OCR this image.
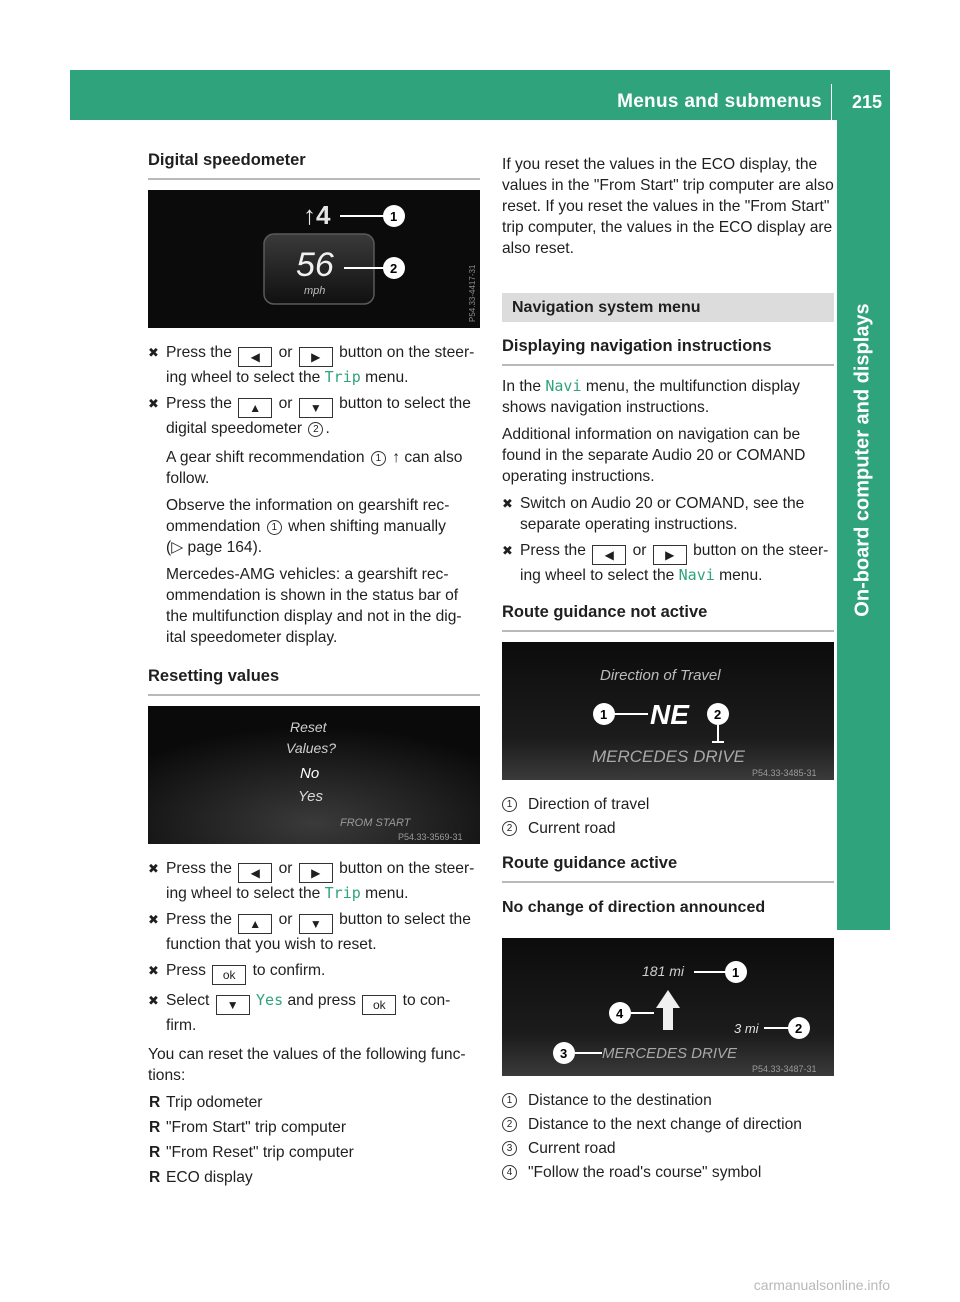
Menus and submenus 215
On-board computer and displays
Digital speedometer
↑4
56
mph
1
2	P54.33-4417-31
✖ Press the ◀ or ▶ button on the steer-ing wheel to select the Trip menu.
✖ Press the ▲ or ▼ button to select the digital speedometer 2 .

A gear shift recommendation 1 ↑ can also follow.

Observe the information on gearshift rec-ommendation 1 when shifting manually

(▷ page 164).

Mercedes-AMG vehicles: a gearshift rec-ommendation is shown in the status bar of the multifunction display and not in the dig-ital speedometer display.

Resetting values
Reset
Values?
No
Yes
FROM START
P54.33-3569-31
✖ Press the ◀ or ▶ button on the steer-ing wheel to select the Trip menu.
✖ Press the ▲ or ▼ button to select the function that you wish to reset.
✖ Press ok to confirm.
✖ Select ▼ Yes and press ok to con-firm.

You can reset the values of the following func-tions:

R Trip odometer
R "From Start" trip computer
R "From Reset" trip computer
R ECO display

If you reset the values in the ECO display, the values in the "From Start" trip computer are also reset. If you reset the values in the "From Start" trip computer, the values in the ECO display are also reset.

Navigation system menu
Displaying navigation instructions

In the Navi menu, the multifunction display shows navigation instructions.

Additional information on navigation can be found in the separate Audio 20 or COMAND operating instructions.

✖ Switch on Audio 20 or COMAND, see the separate operating instructions.
✖ Press the ◀ or ▶ button on the steer-ing wheel to select the Navi menu.
Route guidance not active
Direction of Travel
1 NE 2
MERCEDES DRIVE
P54.33-3485-31
1	Direction of travel
2	Current road
Route guidance active
No change of direction announced
181 mi	1
4
3 mi	2
3 MERCEDES DRIVE
P54.33-3487-31
1	Distance to the destination
2	Distance to the next change of direction
3	Current road
4	"Follow the road's course" symbol
carmanualsonline.info
